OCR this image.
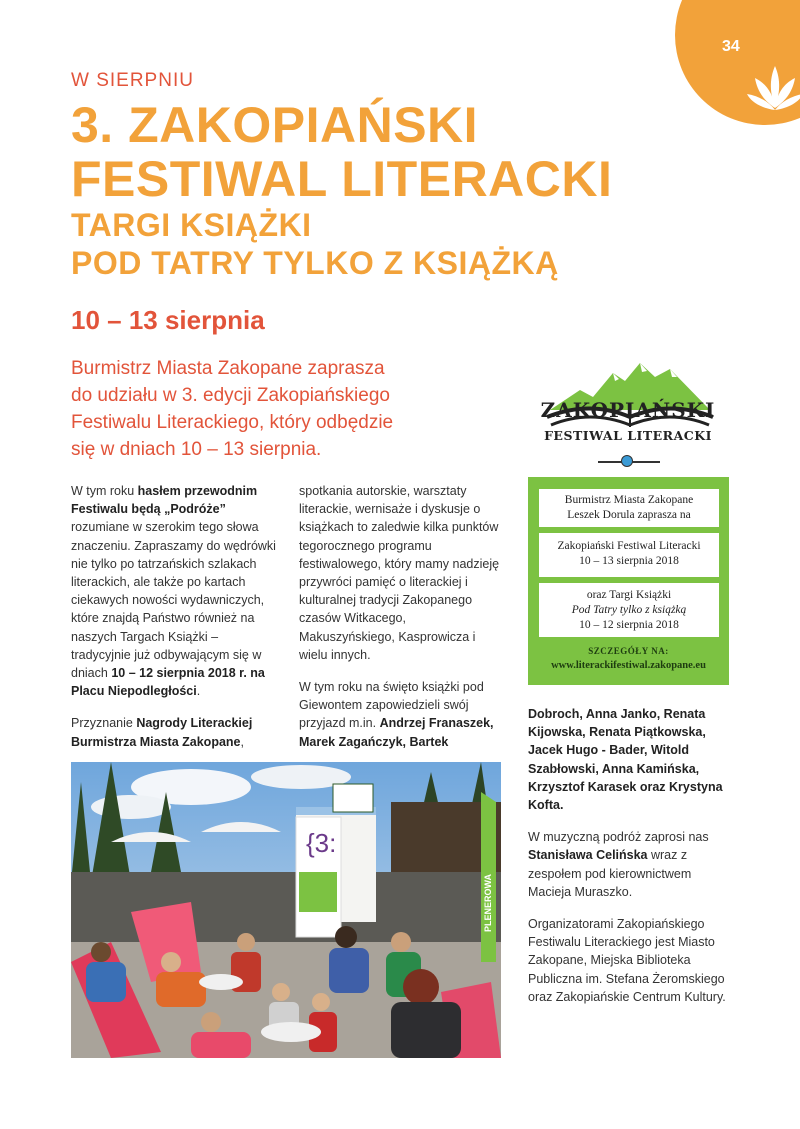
34
W SIERPNIU
3. ZAKOPIAŃSKI
FESTIWAL LITERACKI
TARGI KSIĄŻKI
POD TATRY TYLKO Z KSIĄŻKĄ
10 – 13 sierpnia
Burmistrz Miasta Zakopane zaprasza
do udziału w 3. edycji Zakopiańskiego
Festiwalu Literackiego, który odbędzie
się w dniach 10 – 13 sierpnia.
ZAKOPIAŃSKI
FESTIWAL LITERACKI
Burmistrz Miasta Zakopane
Leszek Dorula zaprasza na
Zakopiański Festiwal Literacki
10 – 13 sierpnia 2018
oraz Targi Książki
Pod Tatry tylko z książką
10 – 12 sierpnia 2018
SZCZEGÓŁY NA:
www.literackifestiwal.zakopane.eu

W tym roku hasłem przewodnim Festiwalu będą „Podróże” rozumiane w szerokim tego słowa znaczeniu. Zapraszamy do wędrówki nie tylko po tatrzańskich szlakach literackich, ale także po kartach ciekawych nowości wydawniczych, które znajdą Państwo również na naszych Targach Książki – tradycyjnie już odbywającym się w dniach 10 – 12 sierpnia 2018 r. na Placu Niepodległości.

Przyznanie Nagrody Literackiej Burmistrza Miasta Zakopane,

spotkania autorskie, warsztaty literackie, wernisaże i dyskusje o książkach to zaledwie kilka punktów tegorocznego programu festiwalowego, który mamy nadzieję przywróci pamięć o literackiej i kulturalnej tradycji Zakopanego czasów Witkacego, Makuszyńskiego, Kasprowicza i wielu innych.

W tym roku na święto książki pod Giewontem zapowiedzieli swój przyjazd m.in. Andrzej Franaszek, Marek Zagańczyk, Bartek

Dobroch, Anna Janko, Renata Kijowska, Renata Piątkowska, Jacek Hugo - Bader, Witold Szabłowski, Anna Kamińska, Krzysztof Karasek oraz Krystyna Kofta.

W muzyczną podróż zaprosi nas Stanisława Celińska wraz z zespołem pod kierownictwem Macieja Muraszko.

Organizatorami Zakopiańskiego Festiwalu Literackiego jest Miasto Zakopane, Miejska Biblioteka Publiczna im. Stefana Żeromskiego oraz Zakopiańskie Centrum Kultury.

{3:
PLENEROWA
